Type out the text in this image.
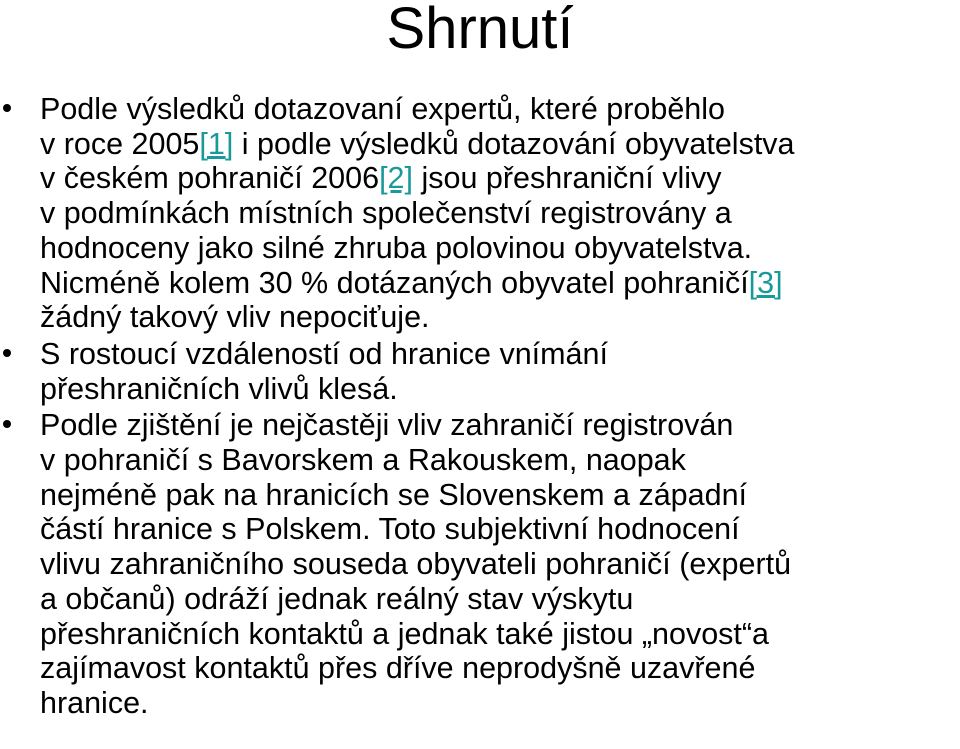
Shrnutí
Podle výsledků dotazovaní expertů, které proběhlo
v roce 2005[1] i podle výsledků dotazování obyvatelstva
v českém pohraničí 2006[2] jsou přeshraniční vlivy
v podmínkách místních společenství registrovány a
hodnoceny jako silné zhruba polovinou obyvatelstva.
Nicméně kolem 30 % dotázaných obyvatel pohraničí[3]
žádný takový vliv nepociťuje.
S rostoucí vzdáleností od hranice vnímání
přeshraničních vlivů klesá.
Podle zjištění je nejčastěji vliv zahraničí registrován
v pohraničí s Bavorskem a Rakouskem, naopak
nejméně pak na hranicích se Slovenskem a západní
částí hranice s Polskem. Toto subjektivní hodnocení
vlivu zahraničního souseda obyvateli pohraničí (expertů
a občanů) odráží jednak reálný stav výskytu
přeshraničních kontaktů a jednak také jistou „novost“a
zajímavost kontaktů přes dříve neprodyšně uzavřené
hranice.
